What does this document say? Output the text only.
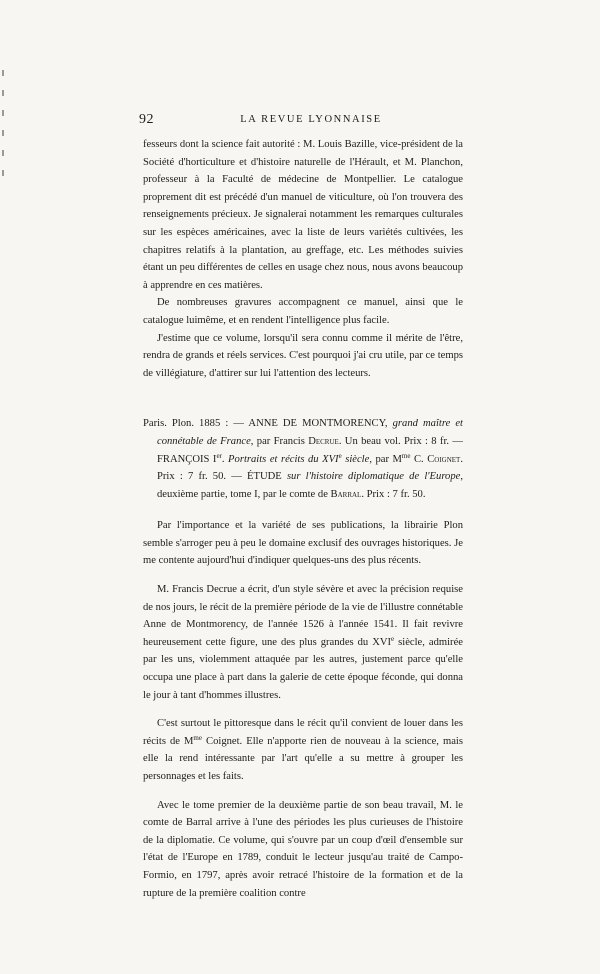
92	LA REVUE LYONNAISE

fesseurs dont la science fait autorité : M. Louis Bazille, vice-président de la Société d'horticulture et d'histoire naturelle de l'Hérault, et M. Planchon, professeur à la Faculté de médecine de Montpellier. Le catalogue proprement dit est précédé d'un manuel de viticulture, où l'on trouvera des renseignements précieux. Je signalerai notamment les remarques culturales sur les espèces américaines, avec la liste de leurs variétés cultivées, les chapitres relatifs à la plantation, au greffage, etc. Les méthodes suivies étant un peu différentes de celles en usage chez nous, nous avons beaucoup à apprendre en ces matières.

De nombreuses gravures accompagnent ce manuel, ainsi que le catalogue luimême, et en rendent l'intelligence plus facile.

J'estime que ce volume, lorsqu'il sera connu comme il mérite de l'être, rendra de grands et réels services. C'est pourquoi j'ai cru utile, par ce temps de villégiature, d'attirer sur lui l'attention des lecteurs.

Paris. Plon. 1885 : — ANNE DE MONTMORENCY, grand maître et connétable de France, par Francis Decrue. Un beau vol. Prix : 8 fr. — FRANÇOIS Ier. Portraits et récits du XVIe siècle, par $M^{me}$ C. Coignet. Prix : 7 fr. 50. — ÉTUDE sur l'histoire diplomatique de l'Europe, deuxième partie, tome I, par le comte de Barral. Prix : 7 fr. 50.

Par l'importance et la variété de ses publications, la librairie Plon semble s'arroger peu à peu le domaine exclusif des ouvrages historiques. Je me contente aujourd'hui d'indiquer quelques-uns des plus récents.

M. Francis Decrue a écrit, d'un style sévère et avec la précision requise de nos jours, le récit de la première période de la vie de l'illustre connétable Anne de Montmorency, de l'année 1526 à l'année 1541. Il fait revivre heureusement cette figure, une des plus grandes du XVIe siècle, admirée par les uns, violemment attaquée par les autres, justement parce qu'elle occupa une place à part dans la galerie de cette époque féconde, qui donna le jour à tant d'hommes illustres.

C'est surtout le pittoresque dans le récit qu'il convient de louer dans les récits de $M^{me}$ Coignet. Elle n'apporte rien de nouveau à la science, mais elle la rend intéressante par l'art qu'elle a su mettre à grouper les personnages et les faits.

Avec le tome premier de la deuxième partie de son beau travail, M. le comte de Barral arrive à l'une des périodes les plus curieuses de l'histoire de la diplomatie. Ce volume, qui s'ouvre par un coup d'œil d'ensemble sur l'état de l'Europe en 1789, conduit le lecteur jusqu'au traité de Campo-Formio, en 1797, après avoir retracé l'histoire de la formation et de la rupture de la première coalition contre
